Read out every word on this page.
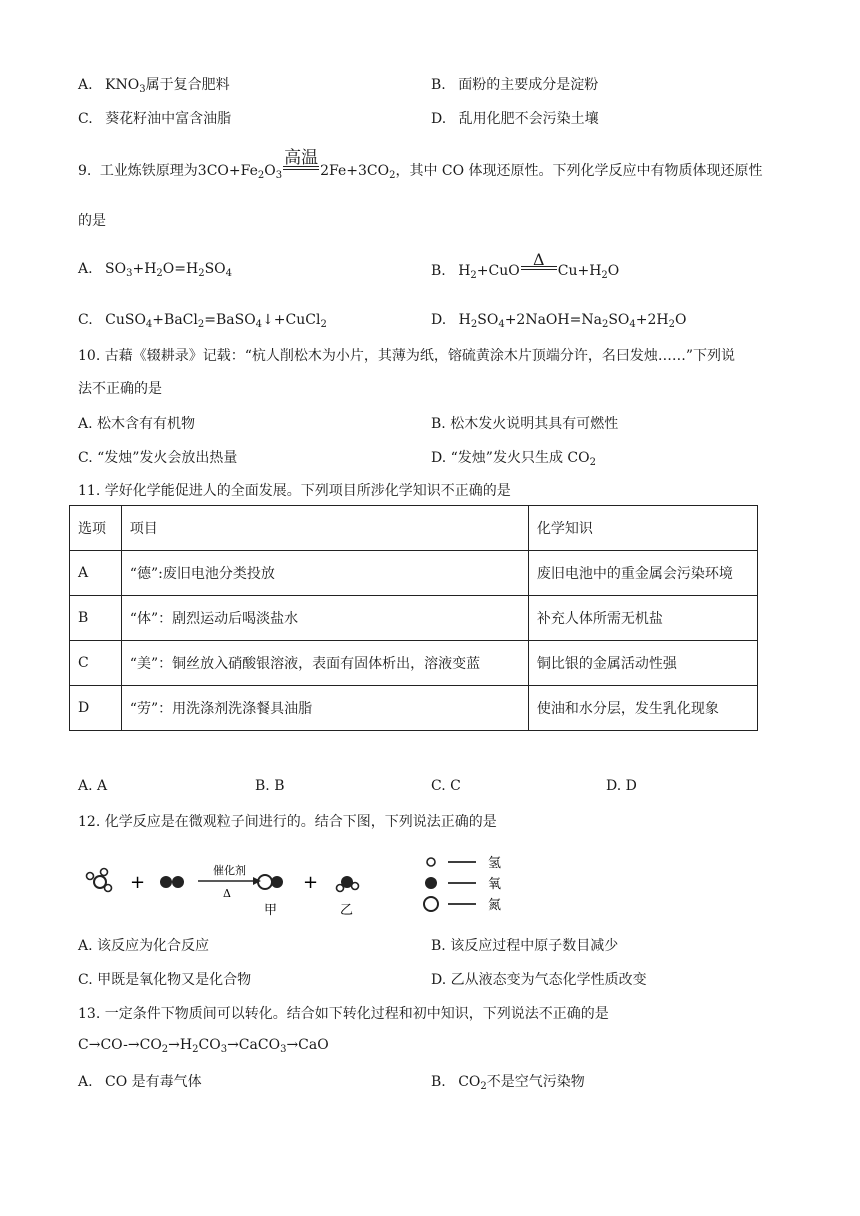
A. $KNO_3$属于复合肥料	B. 面粉的主要成分是淀粉
C. 葵花籽油中富含油脂	D. 乱用化肥不会污染土壤
9. 工业炼铁原理为$3CO+Fe_2O_3$
高温
$2Fe+3CO_2$，其中 CO 体现还原性。下列化学反应中有物质体现还原性
的是
A. $SO_3+H_2O=H_2SO_4$	B. $H_2+CuO$
Δ
$Cu+H_2O$
C. CuSO$_4$+BaCl$_2$=BaSO$_4$↓+CuCl$_2$	D. $H_2SO_4+2NaOH=Na_2SO_4+2H_2O$
10. 古藉《辍耕录》记载：“杭人削松木为小片，其薄为纸，镕硫黄涂木片顶端分许，名曰发烛……”下列说
法不正确的是
A. 松木含有有机物	B. 松木发火说明其具有可燃性
C. “发烛”发火会放出热量	D. “发烛”发火只生成 $CO_2$
11. 学好化学能促进人的全面发展。下列项目所涉化学知识不正确的是
选项	项目	化学知识
A	“德”:废旧电池分类投放	废旧电池中的重金属会污染环境
B	“体”：剧烈运动后喝淡盐水	补充人体所需无机盐
C	“美”：铜丝放入硝酸银溶液，表面有固体析出，溶液变蓝	铜比银的金属活动性强
D	“劳”：用洗涤剂洗涤餐具油脂	使油和水分层，发生乳化现象
A. A	B. B	C. C	D. D
12. 化学反应是在微观粒子间进行的。结合下图，下列说法正确的是
+
催化剂
Δ
甲
+
乙
氢
氧
氮
A. 该反应为化合反应	B. 该反应过程中原子数目减少
C. 甲既是氧化物又是化合物	D. 乙从液态变为气态化学性质改变
13. 一定条件下物质间可以转化。结合如下转化过程和初中知识，下列说法不正确的是
$C\to CO-\to CO_2\to H_2CO_3\to CaCO_3\to CaO$
A. CO 是有毒气体	B. $CO_2$不是空气污染物
